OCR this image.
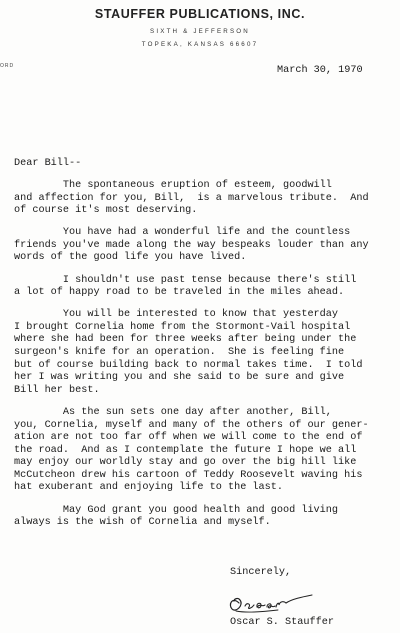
STAUFFER PUBLICATIONS, INC.
SIXTH & JEFFERSON
TOPEKA, KANSAS 66607
ORD	March 30, 1970
Dear Bill--

The spontaneous eruption of esteem, goodwill
and affection for you, Bill,  is a marvelous tribute.  And
of course it's most deserving.

You have had a wonderful life and the countless
friends you've made along the way bespeaks louder than any
words of the good life you have lived.

I shouldn't use past tense because there's still
a lot of happy road to be traveled in the miles ahead.

You will be interested to know that yesterday
I brought Cornelia home from the Stormont-Vail hospital
where she had been for three weeks after being under the
surgeon's knife for an operation.  She is feeling fine
but of course building back to normal takes time.  I told
her I was writing you and she said to be sure and give
Bill her best.

As the sun sets one day after another, Bill,
you, Cornelia, myself and many of the others of our gener-
ation are not too far off when we will come to the end of
the road.  And as I contemplate the future I hope we all
may enjoy our worldly stay and go over the big hill like
McCutcheon drew his cartoon of Teddy Roosevelt waving his
hat exuberant and enjoying life to the last.

May God grant you good health and good living
always is the wish of Cornelia and myself.

Sincerely,
Oscar S. Stauffer
